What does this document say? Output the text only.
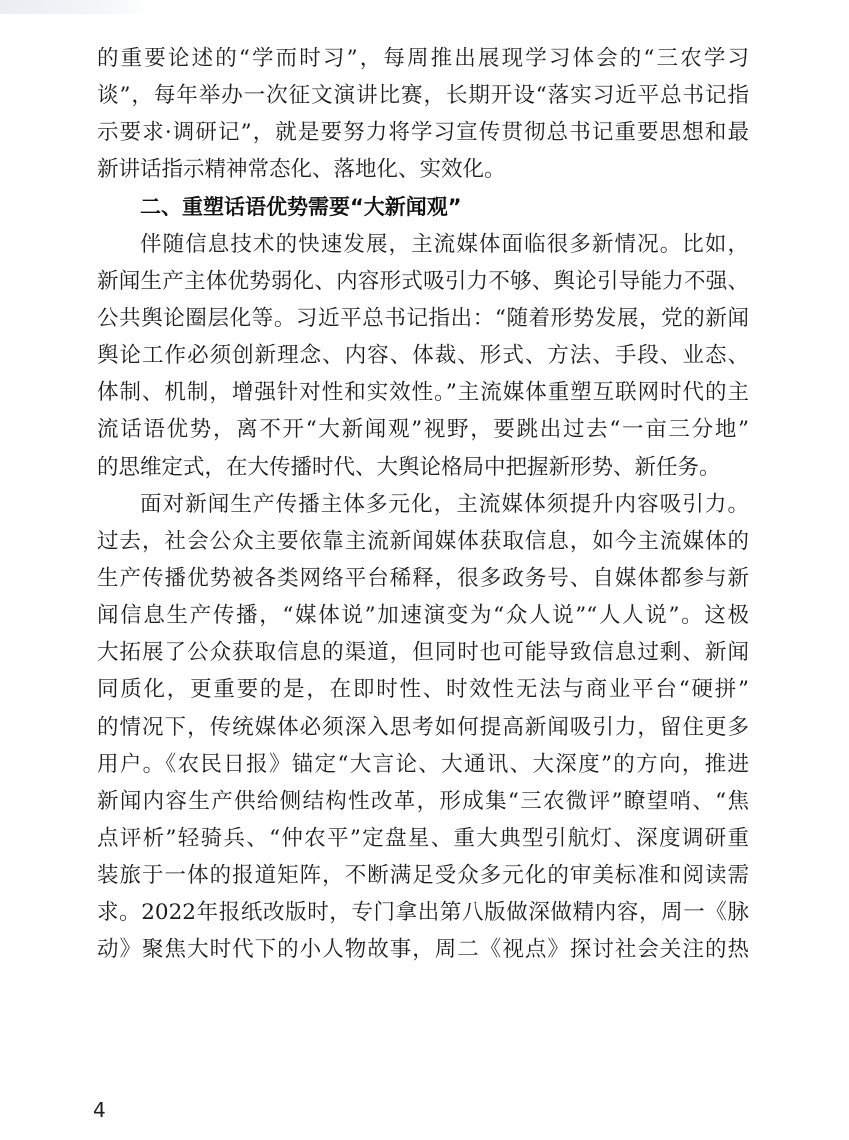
的重要论述的“学而时习”，每周推出展现学习体会的“三农学习
谈”，每年举办一次征文演讲比赛，长期开设“落实习近平总书记指
示要求·调研记”，就是要努力将学习宣传贯彻总书记重要思想和最
新讲话指示精神常态化、落地化、实效化。
二、重塑话语优势需要“大新闻观”
伴随信息技术的快速发展，主流媒体面临很多新情况。比如，
新闻生产主体优势弱化、内容形式吸引力不够、舆论引导能力不强、
公共舆论圈层化等。习近平总书记指出：“随着形势发展，党的新闻
舆论工作必须创新理念、内容、体裁、形式、方法、手段、业态、
体制、机制，增强针对性和实效性。”主流媒体重塑互联网时代的主
流话语优势，离不开“大新闻观”视野，要跳出过去“一亩三分地”
的思维定式，在大传播时代、大舆论格局中把握新形势、新任务。
面对新闻生产传播主体多元化，主流媒体须提升内容吸引力。
过去，社会公众主要依靠主流新闻媒体获取信息，如今主流媒体的
生产传播优势被各类网络平台稀释，很多政务号、自媒体都参与新
闻信息生产传播，“媒体说”加速演变为“众人说”“人人说”。这极
大拓展了公众获取信息的渠道，但同时也可能导致信息过剩、新闻
同质化，更重要的是，在即时性、时效性无法与商业平台“硬拼”
的情况下，传统媒体必须深入思考如何提高新闻吸引力，留住更多
用户。《农民日报》锚定“大言论、大通讯、大深度”的方向，推进
新闻内容生产供给侧结构性改革，形成集“三农微评”瞭望哨、“焦
点评析”轻骑兵、“仲农平”定盘星、重大典型引航灯、深度调研重
装旅于一体的报道矩阵，不断满足受众多元化的审美标准和阅读需
求。2022年报纸改版时，专门拿出第八版做深做精内容，周一《脉
动》聚焦大时代下的小人物故事，周二《视点》探讨社会关注的热
4
